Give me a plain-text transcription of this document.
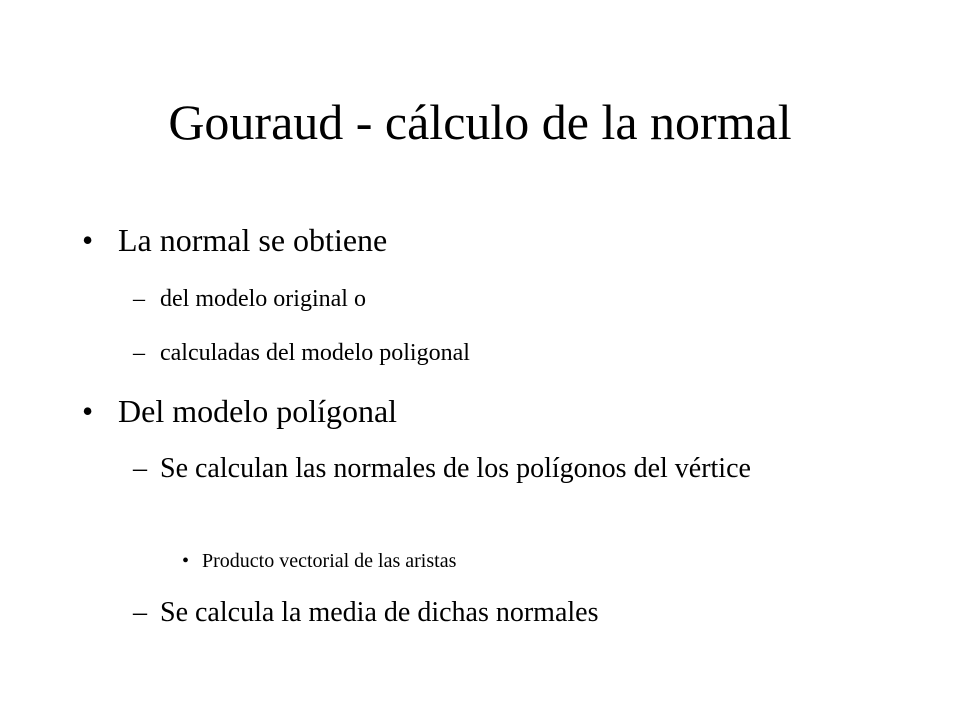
Gouraud - cálculo de la normal
• La normal se obtiene
– del modelo original o
– calculadas del modelo poligonal
• Del modelo polígonal
– Se calculan las normales de los polígonos del vértice
• Producto vectorial de las aristas
– Se calcula la media de dichas normales
